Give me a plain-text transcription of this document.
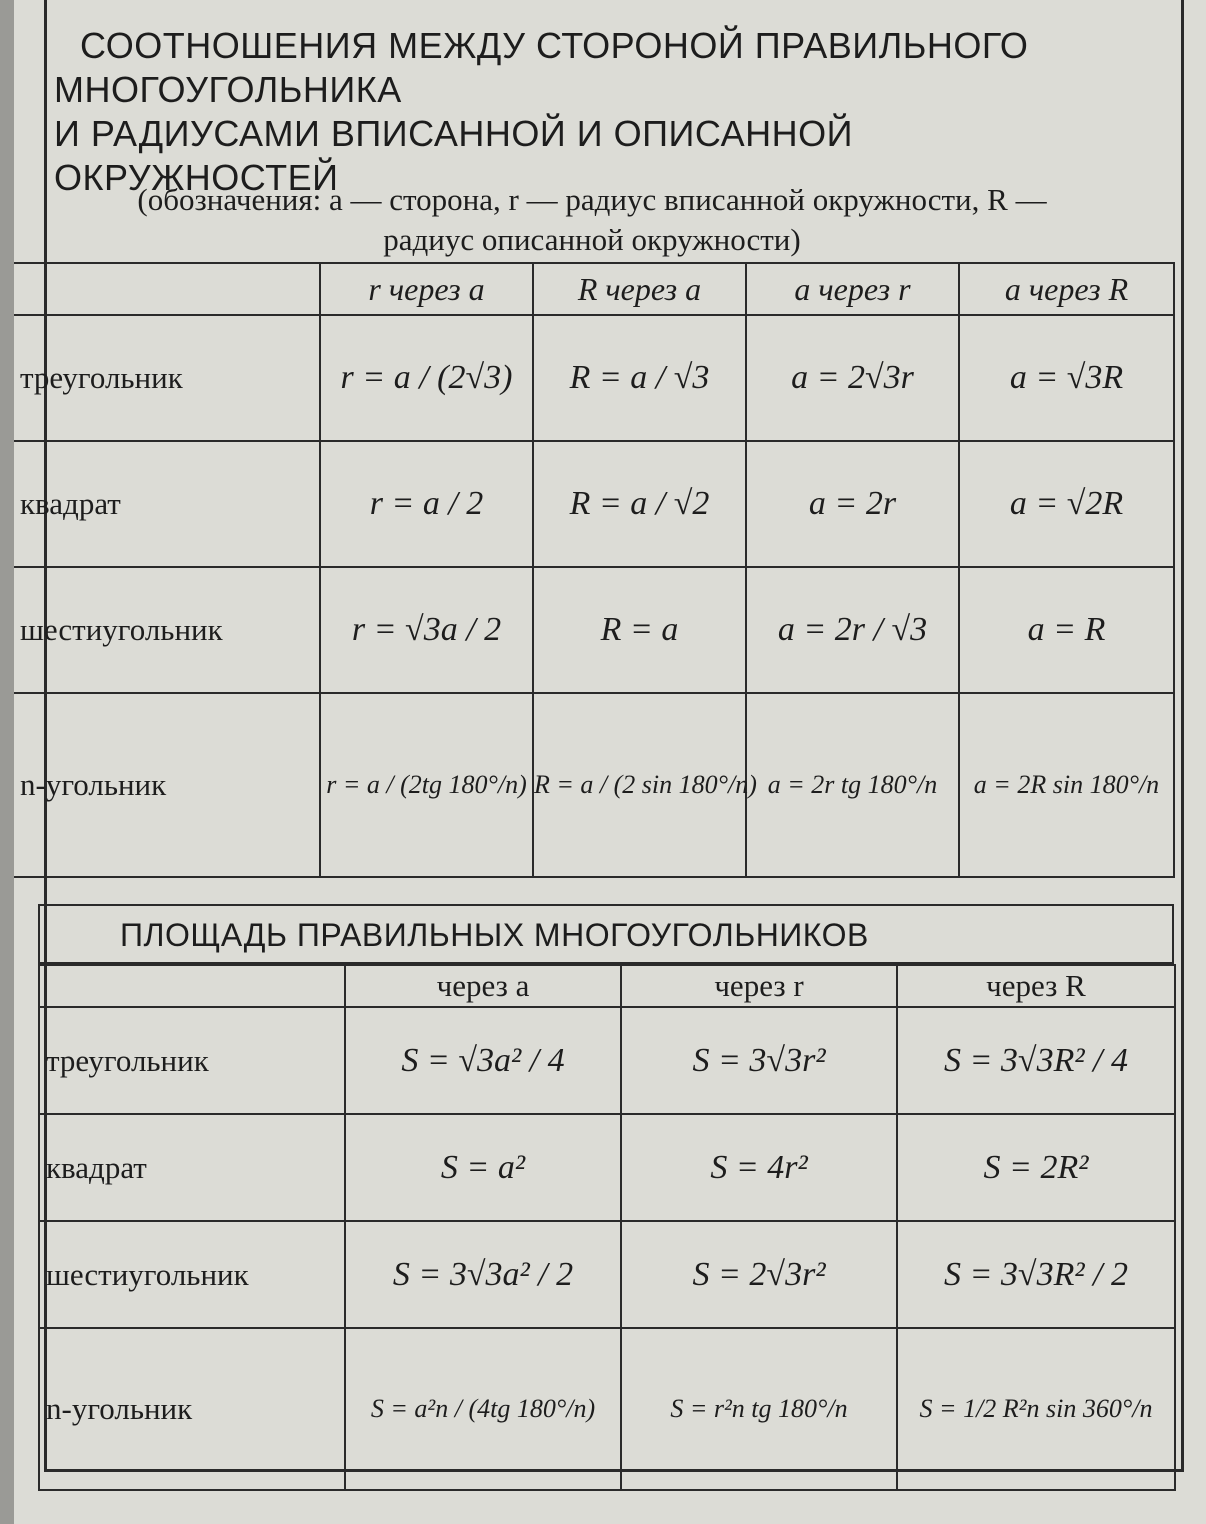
СООТНОШЕНИЯ МЕЖДУ СТОРОНОЙ ПРАВИЛЬНОГО
МНОГОУГОЛЬНИКА
И РАДИУСАМИ ВПИСАННОЙ И ОПИСАННОЙ
ОКРУЖНОСТЕЙ
(обозначения: a — сторона, r — радиус вписанной окружности, R —
радиус описанной окружности)
	r через a	R через a	a через r	a через R
треугольник	r = a / (2√3)	R = a / √3	a = 2√3r	a = √3R
квадрат	r = a / 2	R = a / √2	a = 2r	a = √2R
шестиугольник	r = √3a / 2	R = a	a = 2r / √3	a = R
n-угольник	r = a / (2tg 180°/n)	R = a / (2 sin 180°/n)	a = 2r tg 180°/n	a = 2R sin 180°/n
ПЛОЩАДЬ ПРАВИЛЬНЫХ МНОГОУГОЛЬНИКОВ
	через a	через r	через R
треугольник	S = √3a² / 4	S = 3√3r²	S = 3√3R² / 4
квадрат	S = a²	S = 4r²	S = 2R²
шестиугольник	S = 3√3a² / 2	S = 2√3r²	S = 3√3R² / 2
n-угольник	S = a²n / (4tg 180°/n)	S = r²n tg 180°/n	S = 1/2 R²n sin 360°/n
